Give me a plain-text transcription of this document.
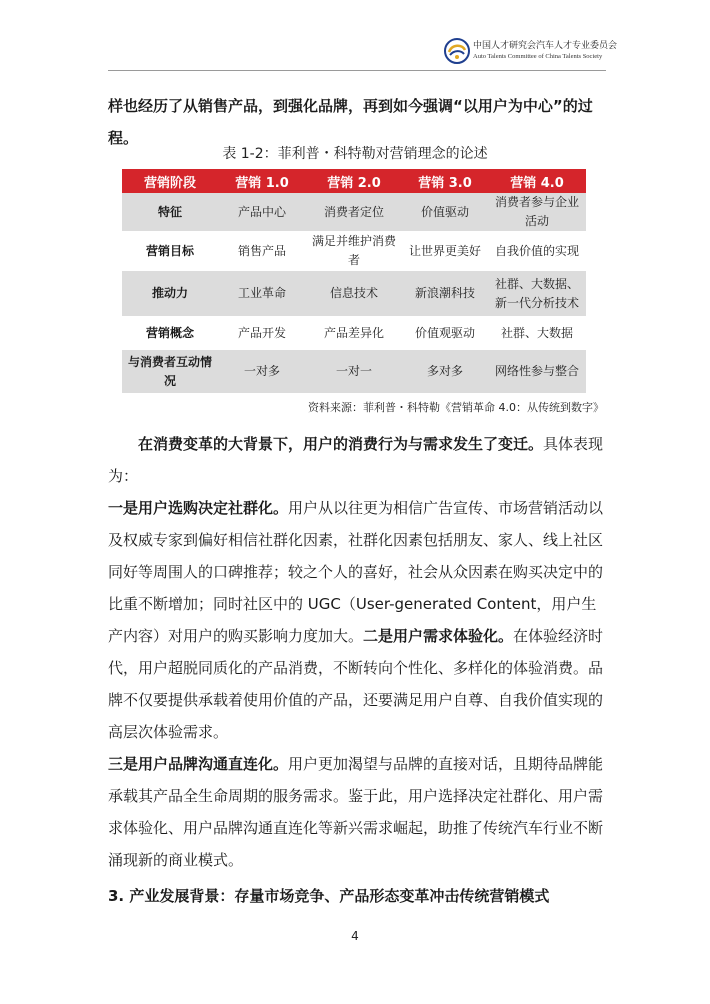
中国人才研究会汽车人才专业委员会
Auto Talents Committee of China Talents Society

样也经历了从销售产品，到强化品牌，再到如今强调“以用户为中心”的过程。

表 1-2：菲利普・科特勒对营销理念的论述
营销阶段	营销 1.0	营销 2.0	营销 3.0	营销 4.0
特征	产品中心	消费者定位	价值驱动	消费者参与企业活动
营销目标	销售产品	满足并维护消费者	让世界更美好	自我价值的实现
推动力	工业革命	信息技术	新浪潮科技	社群、大数据、新一代分析技术
营销概念	产品开发	产品差异化	价值观驱动	社群、大数据
与消费者互动情况	一对多	一对一	多对多	网络性参与整合
资料来源：菲利普・科特勒《营销革命 4.0：从传统到数字》

在消费变革的大背景下，用户的消费行为与需求发生了变迁。具体表现为：

一是用户选购决定社群化。用户从以往更为相信广告宣传、市场营销活动以及权威专家到偏好相信社群化因素，社群化因素包括朋友、家人、线上社区同好等周围人的口碑推荐；较之个人的喜好，社会从众因素在购买决定中的比重不断增加；同时社区中的 UGC（User-generated Content，用户生产内容）对用户的购买影响力度加大。二是用户需求体验化。在体验经济时代，用户超脱同质化的产品消费，不断转向个性化、多样化的体验消费。品牌不仅要提供承载着使用价值的产品，还要满足用户自尊、自我价值实现的高层次体验需求。

三是用户品牌沟通直连化。用户更加渴望与品牌的直接对话，且期待品牌能承载其产品全生命周期的服务需求。鉴于此，用户选择决定社群化、用户需求体验化、用户品牌沟通直连化等新兴需求崛起，助推了传统汽车行业不断涌现新的商业模式。

3. 产业发展背景：存量市场竞争、产品形态变革冲击传统营销模式
4
